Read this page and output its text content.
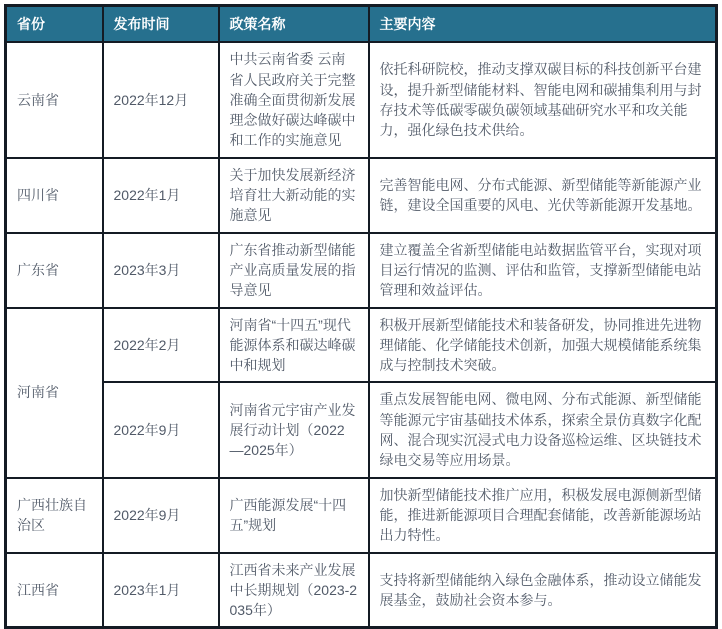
省份	发布时间	政策名称	主要内容
云南省	2022年12月	中共云南省委 云南省人民政府关于完整准确全面贯彻新发展理念做好碳达峰碳中和工作的实施意见	依托科研院校，推动支撑双碳目标的科技创新平台建设，提升新型储能材料、智能电网和碳捕集利用与封存技术等低碳零碳负碳领域基础研究水平和攻关能力，强化绿色技术供给。
四川省	2022年1月	关于加快发展新经济培育壮大新动能的实施意见	完善智能电网、分布式能源、新型储能等新能源产业链，建设全国重要的风电、光伏等新能源开发基地。
广东省	2023年3月	广东省推动新型储能产业高质量发展的指导意见	建立覆盖全省新型储能电站数据监管平台，实现对项目运行情况的监测、评估和监管，支撑新型储能电站管理和效益评估。
河南省	2022年2月	河南省“十四五”现代能源体系和碳达峰碳中和规划	积极开展新型储能技术和装备研发，协同推进先进物理储能、化学储能技术创新，加强大规模储能系统集成与控制技术突破。
	2022年9月	河南省元宇宙产业发展行动计划（2022—2025年）	重点发展智能电网、微电网、分布式能源、新型储能等能源元宇宙基础技术体系，探索全景仿真数字化配网、混合现实沉浸式电力设备巡检运维、区块链技术绿电交易等应用场景。
广西壮族自治区	2022年9月	广西能源发展“十四五”规划	加快新型储能技术推广应用，积极发展电源侧新型储能，推进新能源项目合理配套储能，改善新能源场站出力特性。
江西省	2023年1月	江西省未来产业发展中长期规划（2023-2035年）	支持将新型储能纳入绿色金融体系，推动设立储能发展基金，鼓励社会资本参与。
